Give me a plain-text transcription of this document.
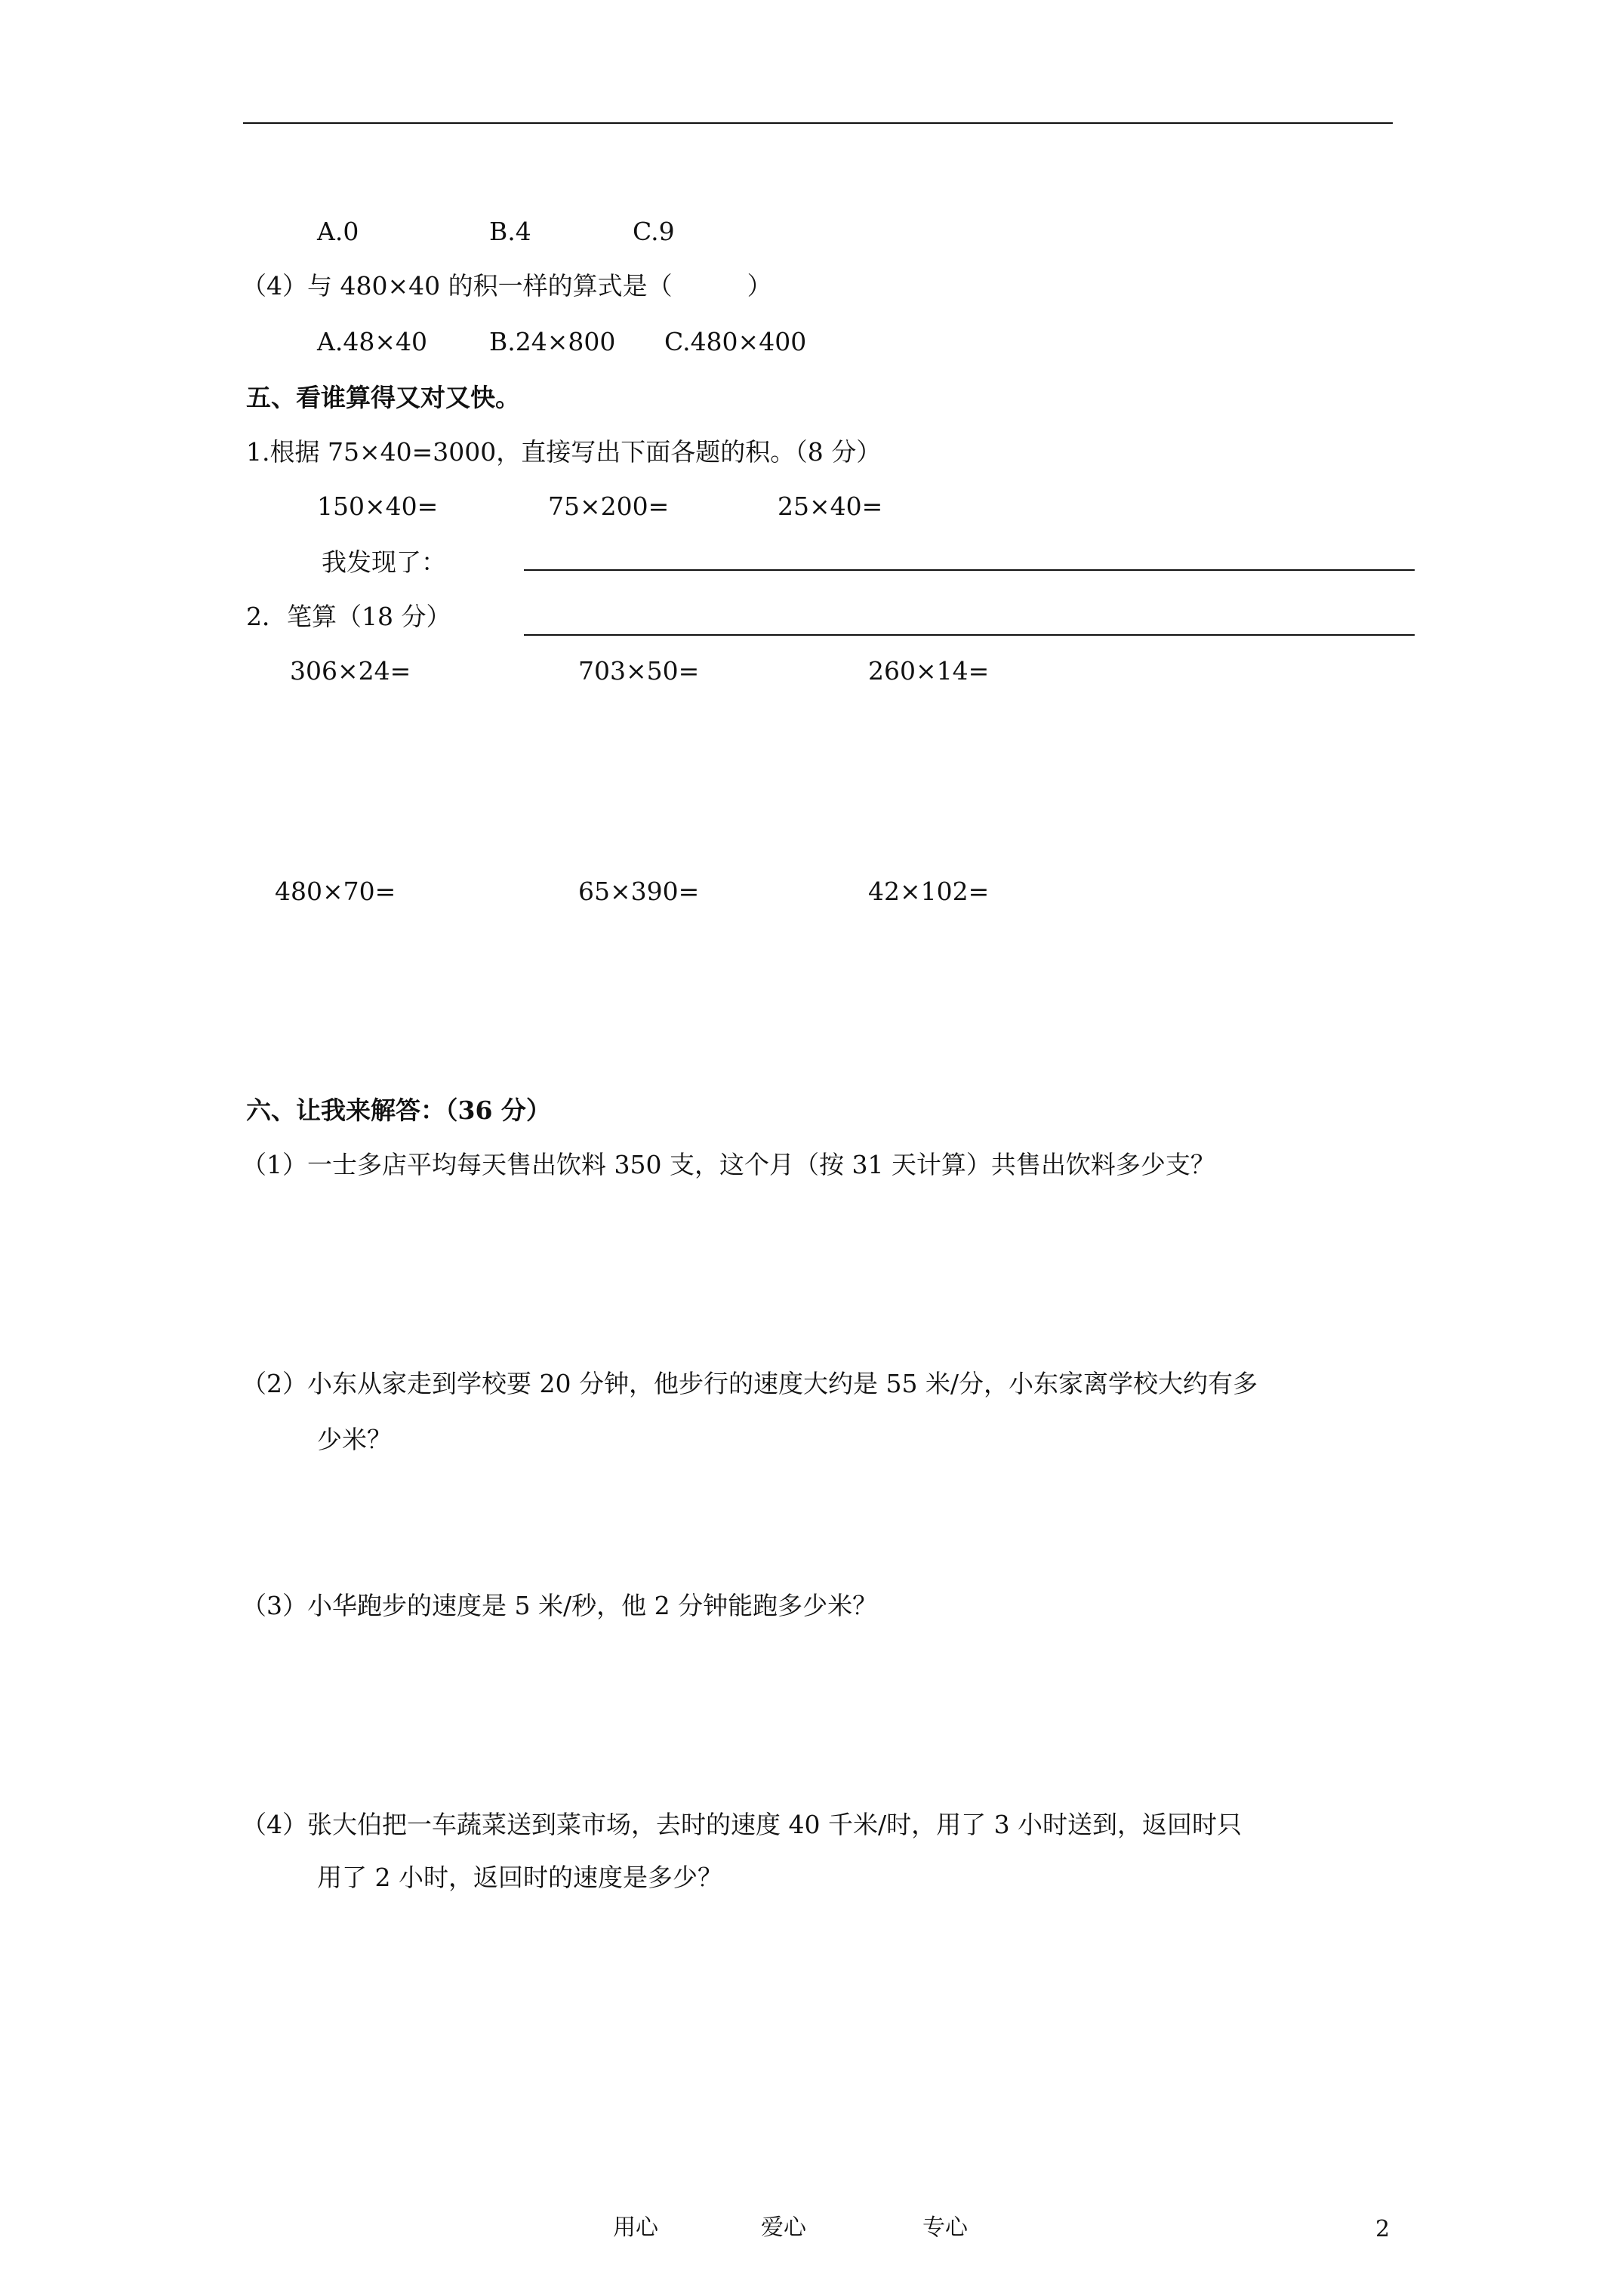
A.0	B.4	C.9
（4）与 480×40 的积一样的算式是（　　　）
A.48×40 B.24×800 C.480×400
五、看谁算得又对又快。
1.根据 75×40=3000，直接写出下面各题的积。（8 分）
150×40=	75×200=	25×40=
我发现了：
2．笔算（18 分）
306×24=	703×50=	260×14=
480×70=	65×390=	42×102=
六、让我来解答：（36 分）
（1）一士多店平均每天售出饮料 350 支，这个月（按 31 天计算）共售出饮料多少支？
（2）小东从家走到学校要 20 分钟，他步行的速度大约是 55 米/分，小东家离学校大约有多
少米？
（3）小华跑步的速度是 5 米/秒，他 2 分钟能跑多少米？
（4）张大伯把一车蔬菜送到菜市场，去时的速度 40 千米/时，用了 3 小时送到，返回时只
用了 2 小时，返回时的速度是多少？
用心	爱心	专心	2
